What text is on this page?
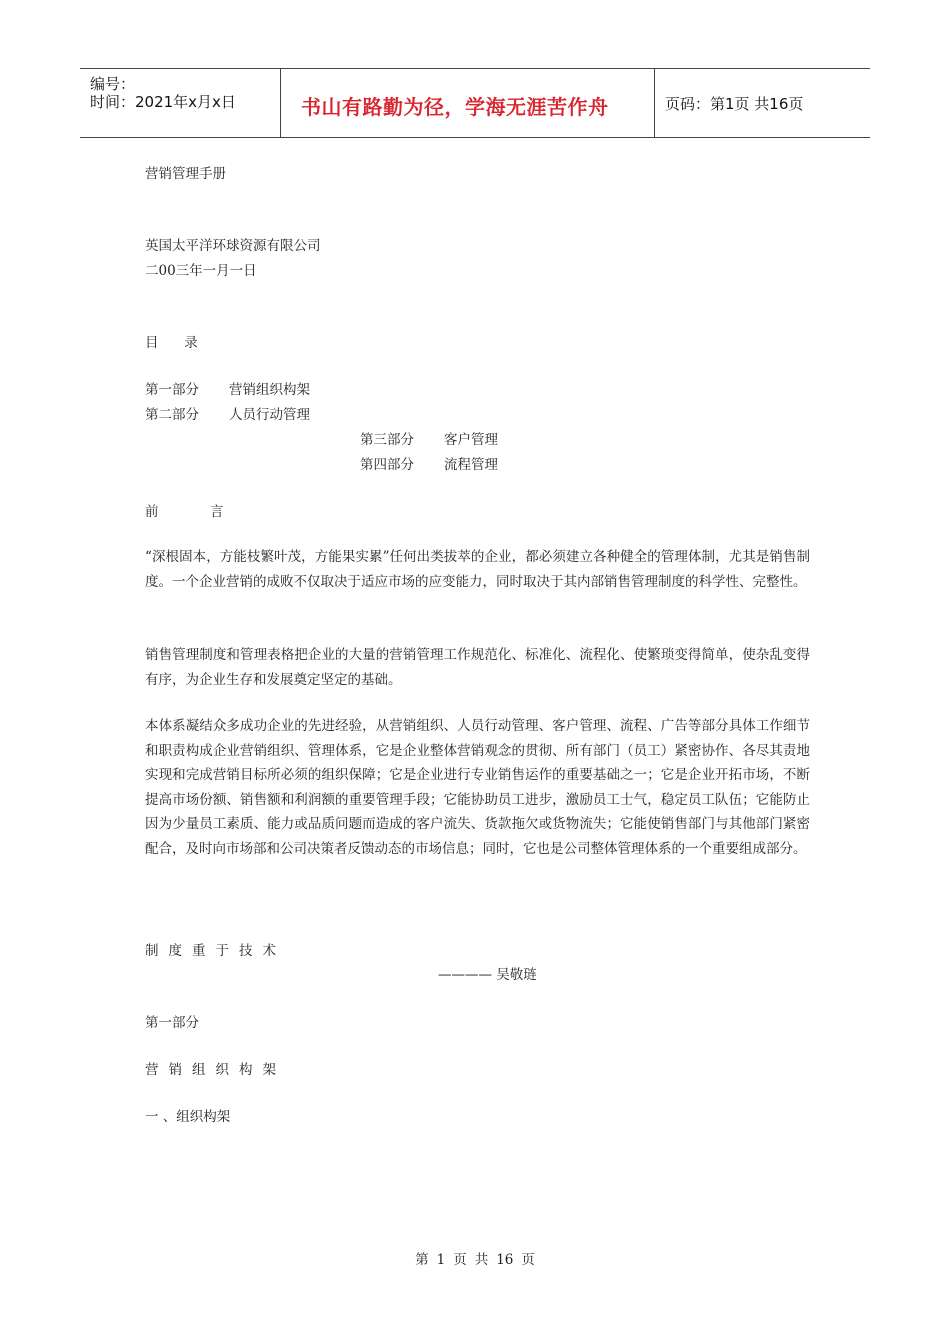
编号：
时间：2021年x月x日	书山有路勤为径，学海无涯苦作舟	页码：第1页 共16页
营销管理手册
英国太平洋环球资源有限公司
二00三年一月一日
目      录
第一部分 营销组织构架
第二部分 人员行动管理
第三部分 客户管理
第四部分 流程管理
前            言
“深根固本，方能枝繁叶茂，方能果实累”任何出类拔萃的企业，都必须建立各种健全的管理体制，尤其是销售制度。一个企业营销的成败不仅取决于适应市场的应变能力，同时取决于其内部销售管理制度的科学性、完整性。
销售管理制度和管理表格把企业的大量的营销管理工作规范化、标准化、流程化、使繁琐变得简单，使杂乱变得有序，为企业生存和发展奠定坚定的基础。
本体系凝结众多成功企业的先进经验，从营销组织、人员行动管理、客户管理、流程、广告等部分具体工作细节和职责构成企业营销组织、管理体系，它是企业整体营销观念的贯彻、所有部门（员工）紧密协作、各尽其责地实现和完成营销目标所必须的组织保障；它是企业进行专业销售运作的重要基础之一；它是企业开拓市场，不断提高市场份额、销售额和利润额的重要管理手段；它能协助员工进步，激励员工士气，稳定员工队伍；它能防止因为少量员工素质、能力或品质问题而造成的客户流失、货款拖欠或货物流失；它能使销售部门与其他部门紧密配合，及时向市场部和公司决策者反馈动态的市场信息；同时，它也是公司整体管理体系的一个重要组成部分。
制度重于技术
———— 吴敬琏
第一部分
营销组织构架
一 、组织构架
第 1 页 共 16 页
